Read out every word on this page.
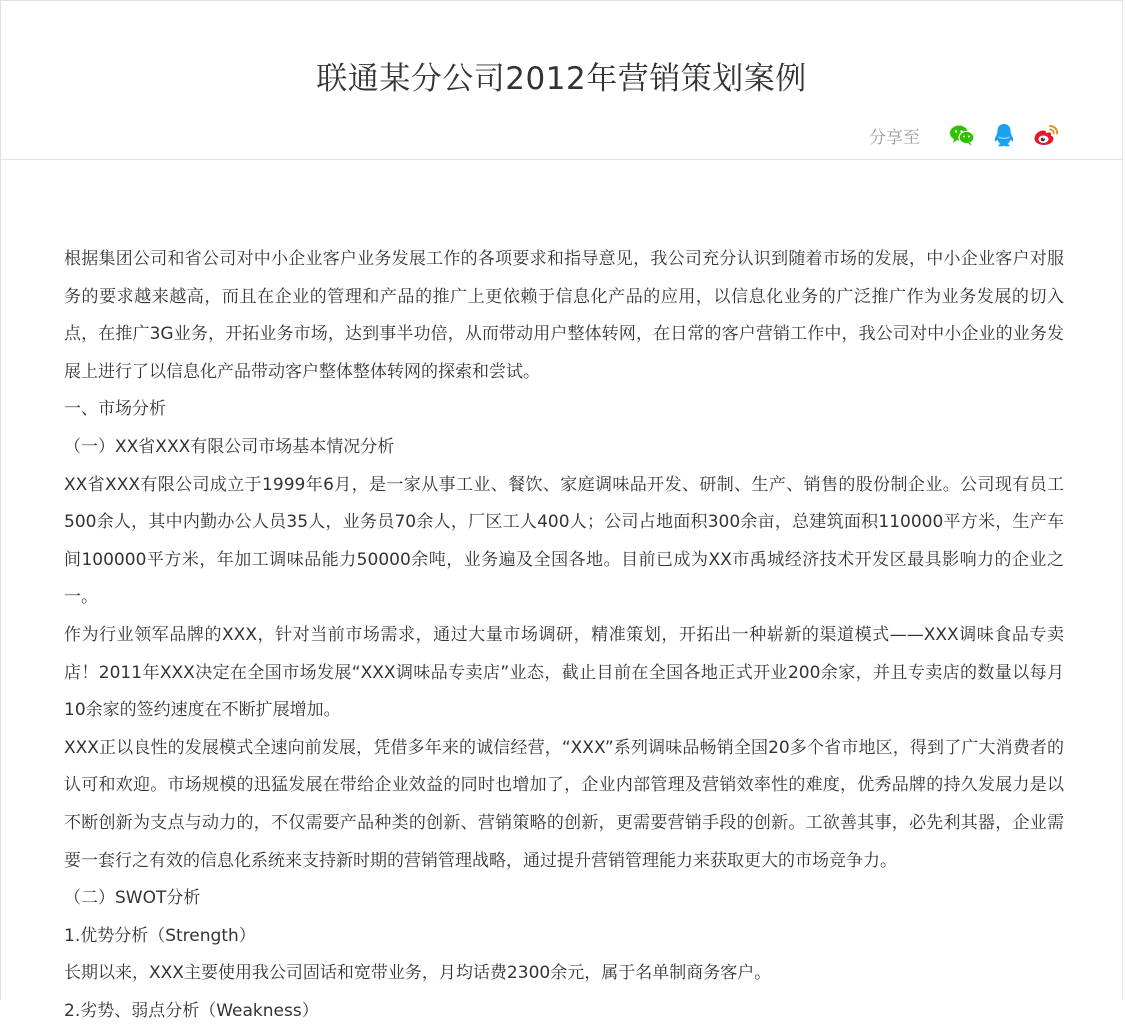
联通某分公司2012年营销策划案例
分享至

根据集团公司和省公司对中小企业客户业务发展工作的各项要求和指导意见，我公司充分认识到随着市场的发展，中小企业客户对服务的要求越来越高，而且在企业的管理和产品的推广上更依赖于信息化产品的应用，以信息化业务的广泛推广作为业务发展的切入点，在推广3G业务，开拓业务市场，达到事半功倍，从而带动用户整体转网，在日常的客户营销工作中，我公司对中小企业的业务发展上进行了以信息化产品带动客户整体整体转网的探索和尝试。

一、市场分析

（一）XX省XXX有限公司市场基本情况分析

XX省XXX有限公司成立于1999年6月，是一家从事工业、餐饮、家庭调味品开发、研制、生产、销售的股份制企业。公司现有员工500余人，其中内勤办公人员35人，业务员70余人，厂区工人400人；公司占地面积300余亩，总建筑面积110000平方米，生产车间100000平方米，年加工调味品能力50000余吨，业务遍及全国各地。目前已成为XX市禹城经济技术开发区最具影响力的企业之一。

作为行业领军品牌的XXX，针对当前市场需求，通过大量市场调研，精准策划，开拓出一种崭新的渠道模式——XXX调味食品专卖店！2011年XXX决定在全国市场发展“XXX调味品专卖店”业态，截止目前在全国各地正式开业200余家，并且专卖店的数量以每月10余家的签约速度在不断扩展增加。

XXX正以良性的发展模式全速向前发展，凭借多年来的诚信经营，“XXX”系列调味品畅销全国20多个省市地区，得到了广大消费者的认可和欢迎。市场规模的迅猛发展在带给企业效益的同时也增加了，企业内部管理及营销效率性的难度，优秀品牌的持久发展力是以不断创新为支点与动力的，不仅需要产品种类的创新、营销策略的创新，更需要营销手段的创新。工欲善其事，必先利其器，企业需要一套行之有效的信息化系统来支持新时期的营销管理战略，通过提升营销管理能力来获取更大的市场竞争力。

（二）SWOT分析

1.优势分析（Strength）

长期以来，XXX主要使用我公司固话和宽带业务，月均话费2300余元，属于名单制商务客户。

2.劣势、弱点分析（Weakness）
